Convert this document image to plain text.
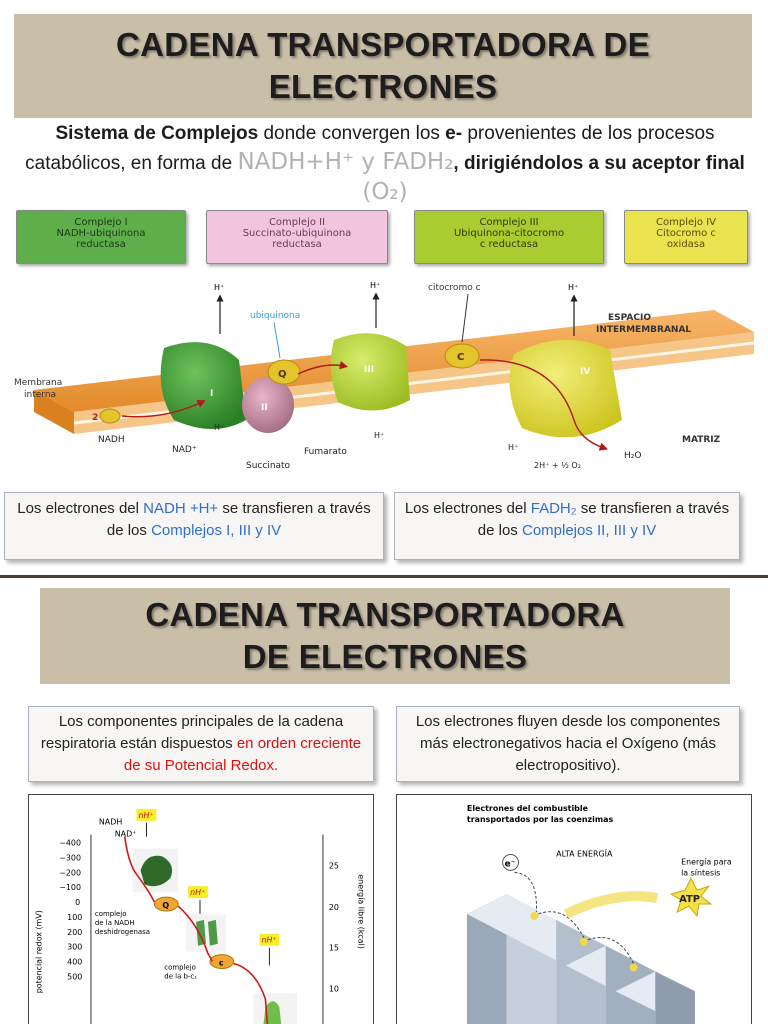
CADENA TRANSPORTADORA DE
ELECTRONES
Sistema de Complejos donde convergen los e- provenientes de los procesos catabólicos, en forma de NADH+H⁺ y FADH₂, dirigiéndolos a su aceptor final (O₂)
Complejo I
NADH-ubiquinona
reductasa
Complejo II
Succinato-ubiquinona
reductasa
Complejo III
Ubiquinona-citocromo
c reductasa
Complejo IV
Citocromo c
oxidasa
I
II
III	IV
Q
C
H⁺	H⁺	H⁺
ubiquinona
citocromo c
ESPACIO
INTERMEMBRANAL
Membrana
interna
2
NADH
NAD⁺
H⁺
Fumarato
Succinato
H⁺
H⁺
MATRIZ
H₂O
2H⁺ + ½ O₂
Los electrones del NADH +H+ se transfieren a través de los Complejos I, III y IV
Los electrones del FADH₂ se transfieren a través de los Complejos II, III y IV
CADENA TRANSPORTADORA
DE ELECTRONES
Los componentes principales de la cadena respiratoria están dispuestos en orden creciente de su Potencial Redox.
Los electrones fluyen desde los componentes más electronegativos hacia el Oxígeno (más electropositivo).
potencial redox (mV)
−400
−300
−200
−100
0
100
200
300
400
500
energía libre (kcal)
25
20
15
10
NADH
NAD⁺
nH⁺
Q
complejo
de la NADH
deshidrogenasa
nH⁺
c
complejo
de la b-c₁
nH⁺
Electrones del combustible
transportados por las coenzimas
ALTA ENERGÍA
Energía para
la síntesis
e⁻
ATP
